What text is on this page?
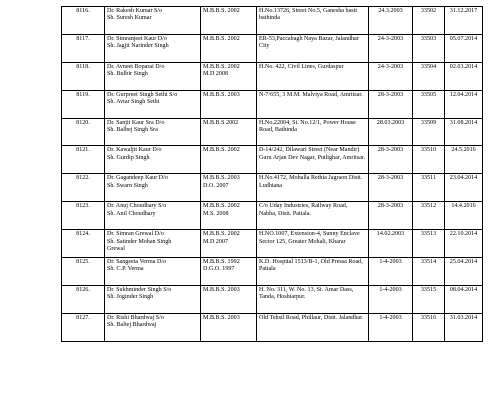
8116.	Dr. Rakesh Kumar S/o
Sh. Suresh Kumar	M.B.B.S. 2002	H.No.13726, Street No.5, Ganesha basti bathinda	24.3.2003	33502	31.12.2017

8117.	Dr. Simranjeet Kaur D/o
Sh. Jagjit Narinder Singh	M.B.B.S. 2002	ER-53,Paccabagh Naya Bazar, Jalandhar City	24-3-2003	33503	05.07.2014

8118.	Dr. Avneet Boparai D/o
Sh. Bulbir Singh	M.B.B.S. 2002
M.D 2008	H.No. 422, Civil Lines, Gurdaspur	24-3-2003	33504	02.03.2014

8119.	Dr. Gurpreet Singh Sethi S/o
Sh. Avtar Singh Sethi	M.B.B.S. 2003	N-7/655, 3 M.M. Malviya Road, Amritsar.	28-3-2003	33505	12.04.2014

8120.	Dr. Sanjit Kaur Sra D/o
Sh. Balbej Singh Sra	M.B.B.S 2002	H.No.22004, St. No.12/1, Power House Road, Bathinda	28.03.2003	33509	31.08.2014

8121.	Dr. Kawaljit Kaur D/o
Sh. Gurdip Singh	M.B.B.S. 2002	D-14/242, Dilawari Street (Near Mandir) Guru Arjan Dev Nagar, Putlighar, Amritsar.	28-3-2003	33510	24.5.2016

8122.	Dr. Gagandeep Kaur D/o
Sh. Swarn Singh	M.B.B.S. 2003
D.O. 2007	H.No.4172, Mohalla Rethia Jagraon Distt. Ludhiana	28-3-2003	33511	23.04.2014

8123.	Dr. Anuj Choudhary S/o
Sh. Anil Choudhary	M.B.B.S. 2002
M.S. 2008	C/o Uday Industries, Railway Road, Nabha, Distt. Patiala.	28-3-2003	33512	14.4.2016

8124.	Dr. Simran Grewal D/o
Sh. Satinder Mohan Singh
Grewal	M.B.B.S. 2002
M.D 2007	H.NO.1007, Extension-4, Sunny Enclave Sector 125, Greater Mohali, Kharar	14.02.2003	33513	22.10.2014

8125.	Dr. Sangeeta Verma D/o
Sh. C.P. Verma	M.B.B.S. 1992
D.G.O. 1997	K.D. Hospital 1513/B-1, Old Pressa Road, Patiala	1-4-2003	33514	25.04.2014

8126.	Dr. Sukhminder Singh S/o
Sh. Joginder Singh	M.B.B.S. 2003	H. No. 311, W. No. 13, St. Amar Dass, Tanda, Hoshiarpur.	1-4-2003	33515	08.04.2014

8127.	Dr. Rishi Bhardwaj S/o
Sh. Baltej Bhardwaj	M.B.B.S. 2003	Old Tehsil Road, Phillaur, Distt. Jalandhar.	1-4-2003	33516	31.03.2014
